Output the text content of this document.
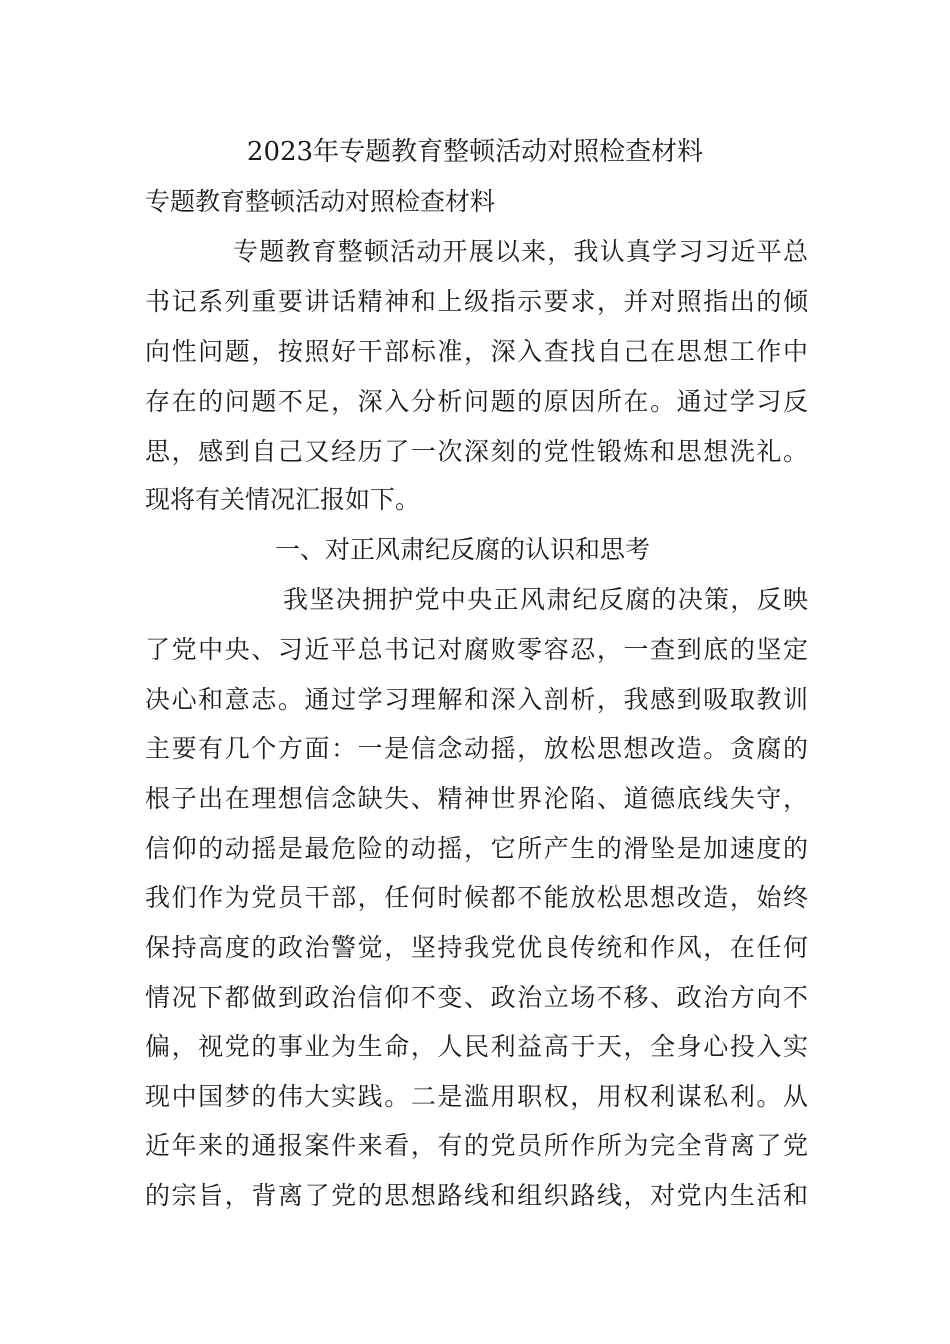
2023年专题教育整顿活动对照检查材料
专题教育整顿活动对照检查材料
专题教育整顿活动开展以来，我认真学习习近平总
书记系列重要讲话精神和上级指示要求，并对照指出的倾
向性问题，按照好干部标准，深入查找自己在思想工作中
存在的问题不足，深入分析问题的原因所在。通过学习反
思，感到自己又经历了一次深刻的党性锻炼和思想洗礼。
现将有关情况汇报如下。
一、对正风肃纪反腐的认识和思考
我坚决拥护党中央正风肃纪反腐的决策，反映
了党中央、习近平总书记对腐败零容忍，一查到底的坚定
决心和意志。通过学习理解和深入剖析，我感到吸取教训
主要有几个方面：一是信念动摇，放松思想改造。贪腐的
根子出在理想信念缺失、精神世界沦陷、道德底线失守，
信仰的动摇是最危险的动摇，它所产生的滑坠是加速度的
我们作为党员干部，任何时候都不能放松思想改造，始终
保持高度的政治警觉，坚持我党优良传统和作风，在任何
情况下都做到政治信仰不变、政治立场不移、政治方向不
偏，视党的事业为生命，人民利益高于天，全身心投入实
现中国梦的伟大实践。二是滥用职权，用权利谋私利。从
近年来的通报案件来看，有的党员所作所为完全背离了党
的宗旨，背离了党的思想路线和组织路线，对党内生活和
